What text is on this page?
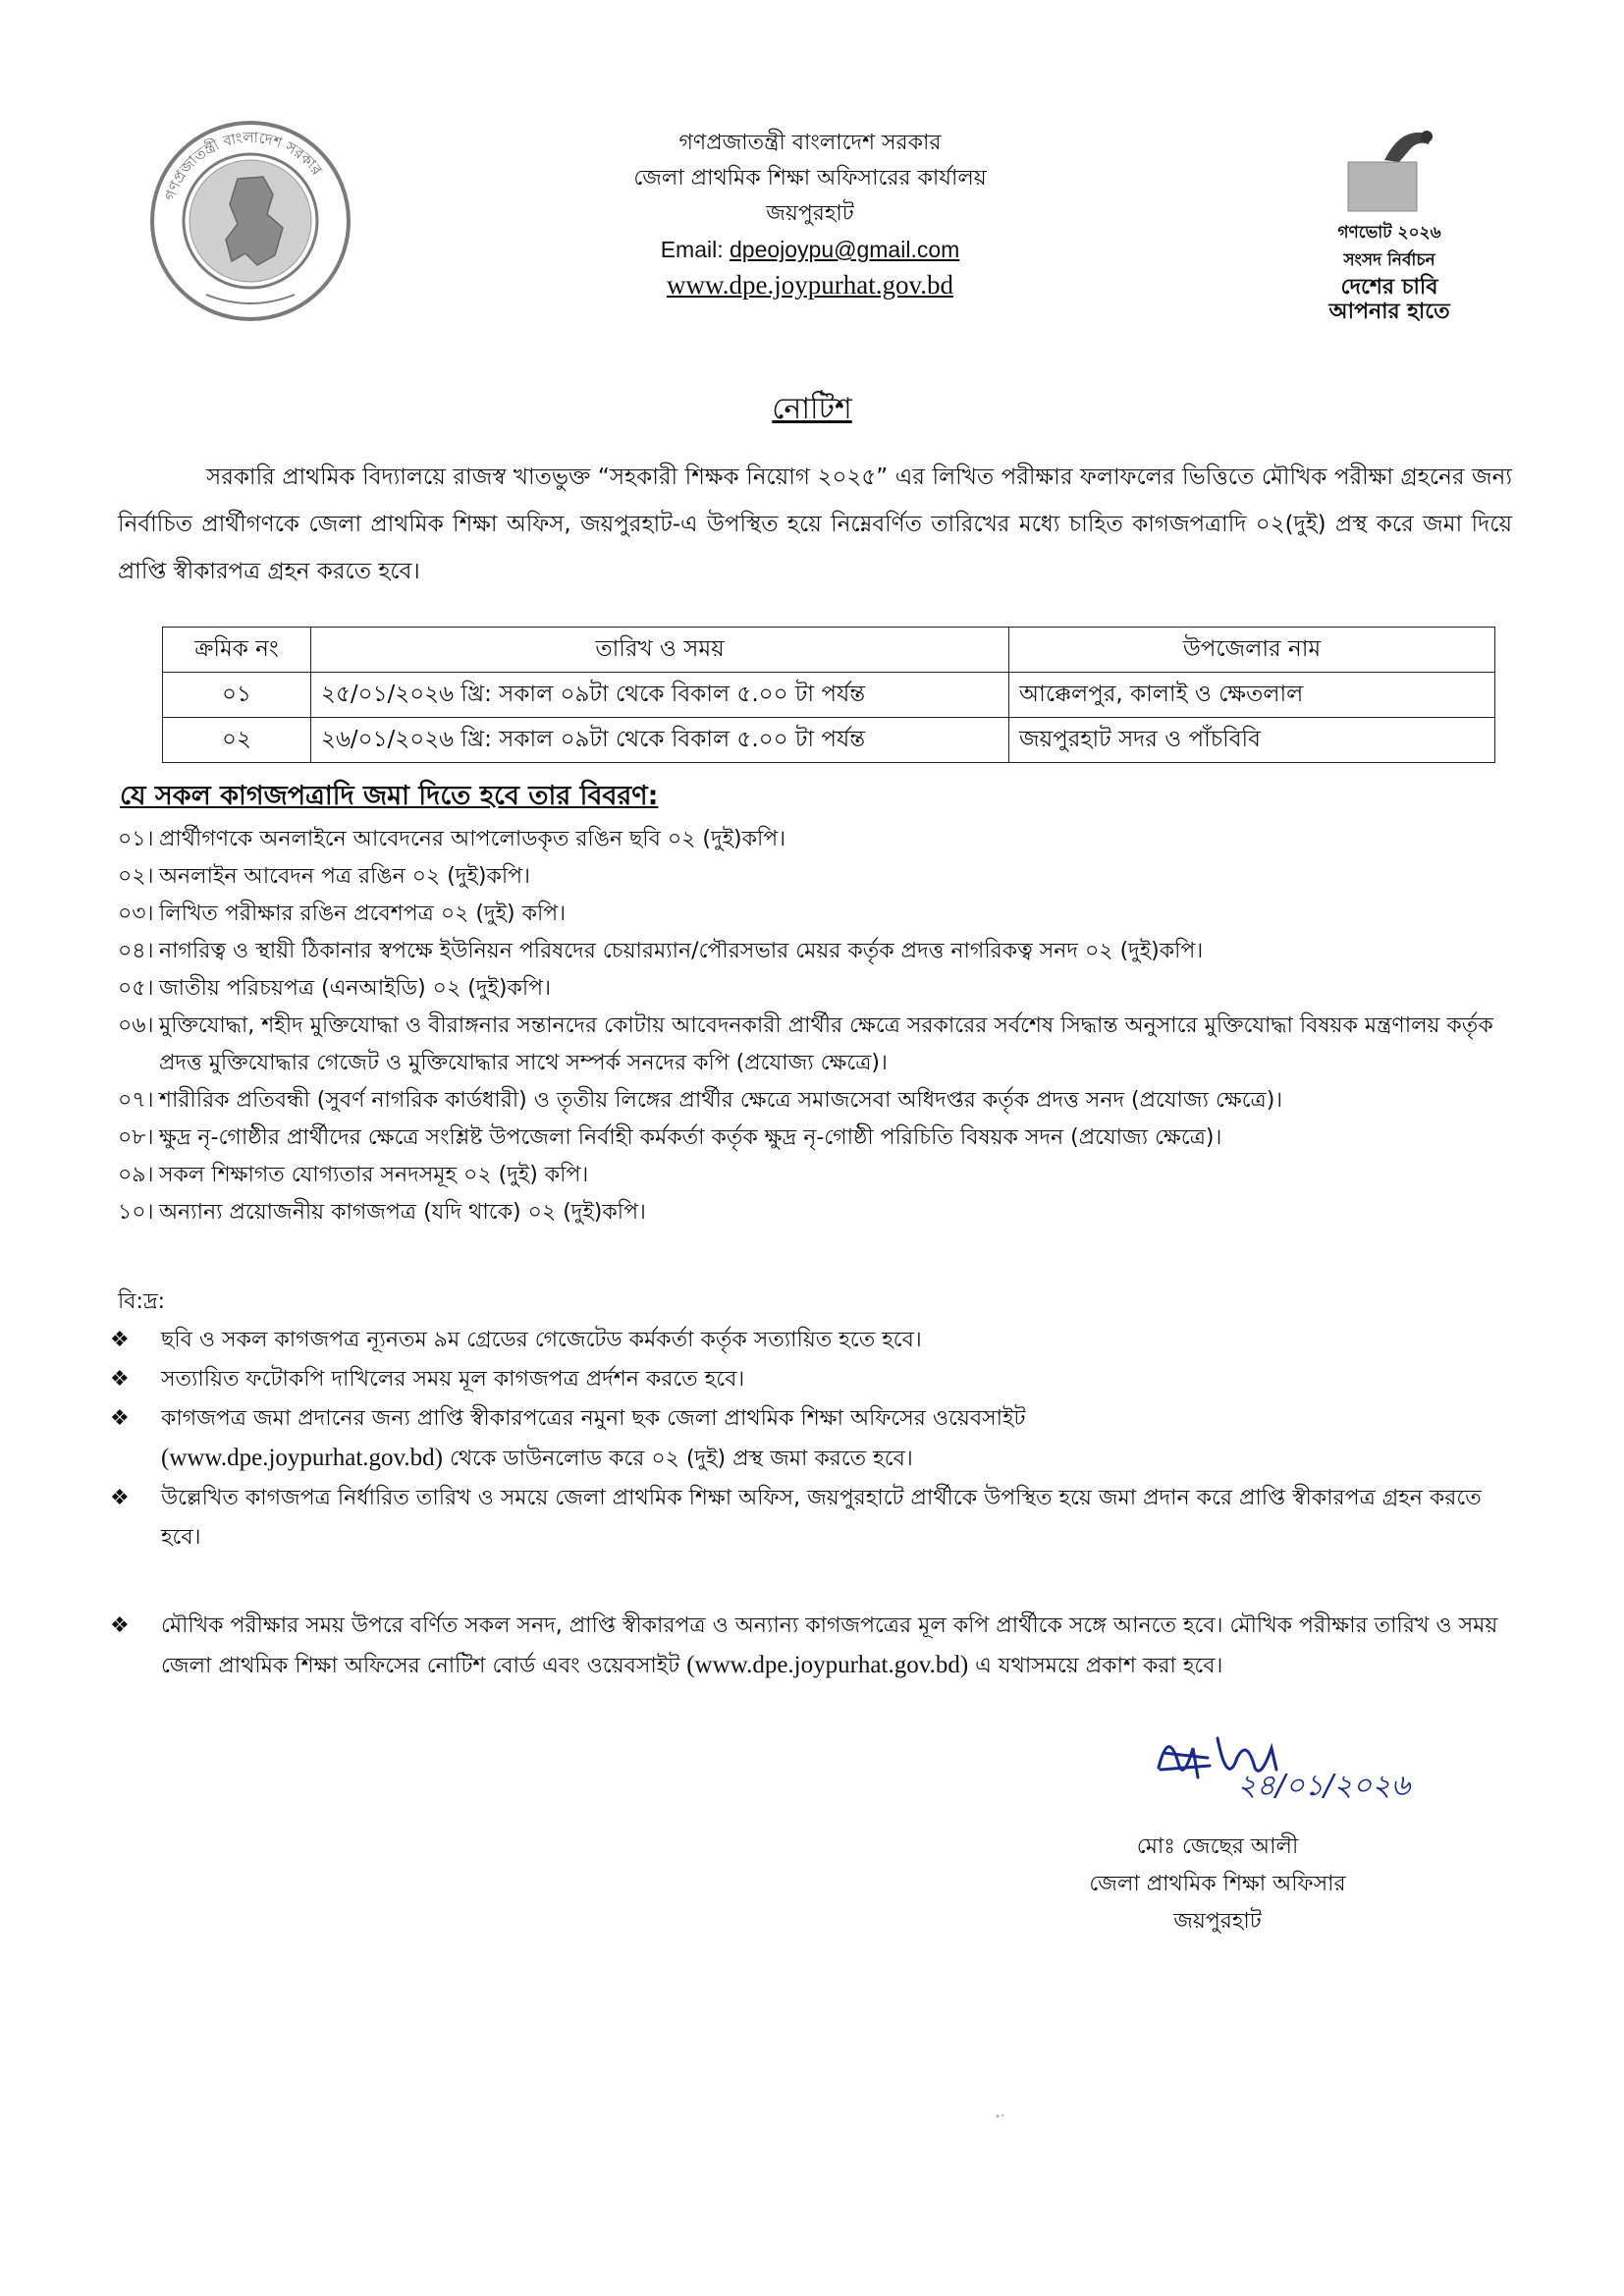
গণপ্রজাতন্ত্রী বাংলাদেশ সরকার
গণপ্রজাতন্ত্রী বাংলাদেশ সরকার
জেলা প্রাথমিক শিক্ষা অফিসারের কার্যালয়
জয়পুরহাট
Email: dpeojoypu@gmail.com
www.dpe.joypurhat.gov.bd
গণভোট ২০২৬
সংসদ নির্বাচন
দেশের চাবি
আপনার হাতে
নোটিশ
সরকারি প্রাথমিক বিদ্যালয়ে রাজস্ব খাতভুক্ত “সহকারী শিক্ষক নিয়োগ ২০২৫” এর লিখিত পরীক্ষার ফলাফলের ভিত্তিতে মৌখিক পরীক্ষা গ্রহনের জন্য নির্বাচিত প্রার্থীগণকে জেলা প্রাথমিক শিক্ষা অফিস, জয়পুরহাট-এ উপস্থিত হয়ে নিম্নেবর্ণিত তারিখের মধ্যে চাহিত কাগজপত্রাদি ০২(দুই) প্রস্থ করে জমা দিয়ে প্রাপ্তি স্বীকারপত্র গ্রহন করতে হবে।
ক্রমিক নং	তারিখ ও সময়	উপজেলার নাম
০১	২৫/০১/২০২৬ খ্রি: সকাল ০৯টা থেকে বিকাল ৫.০০ টা পর্যন্ত	আক্কেলপুর, কালাই ও ক্ষেতলাল
০২	২৬/০১/২০২৬ খ্রি: সকাল ০৯টা থেকে বিকাল ৫.০০ টা পর্যন্ত	জয়পুরহাট সদর ও পাঁচবিবি
যে সকল কাগজপত্রাদি জমা দিতে হবে তার বিবরণ:
০১। প্রার্থীগণকে অনলাইনে আবেদনের আপলোডকৃত রঙিন ছবি ০২ (দুই)কপি।
০২। অনলাইন আবেদন পত্র রঙিন ০২ (দুই)কপি।
০৩। লিখিত পরীক্ষার রঙিন প্রবেশপত্র ০২ (দুই) কপি।
০৪। নাগরিত্ব ও স্থায়ী ঠিকানার স্বপক্ষে ইউনিয়ন পরিষদের চেয়ারম্যান/পৌরসভার মেয়র কর্তৃক প্রদত্ত নাগরিকত্ব সনদ ০২ (দুই)কপি।
০৫। জাতীয় পরিচয়পত্র (এনআইডি) ০২ (দুই)কপি।
০৬। মুক্তিযোদ্ধা, শহীদ মুক্তিযোদ্ধা ও বীরাঙ্গনার সন্তানদের কোটায় আবেদনকারী প্রার্থীর ক্ষেত্রে সরকারের সর্বশেষ সিদ্ধান্ত অনুসারে মুক্তিযোদ্ধা বিষয়ক মন্ত্রণালয় কর্তৃক প্রদত্ত মুক্তিযোদ্ধার গেজেট ও মুক্তিযোদ্ধার সাথে সম্পর্ক সনদের কপি (প্রযোজ্য ক্ষেত্রে)।
০৭। শারীরিক প্রতিবন্ধী (সুবর্ণ নাগরিক কার্ডধারী) ও তৃতীয় লিঙ্গের প্রার্থীর ক্ষেত্রে সমাজসেবা অধিদপ্তর কর্তৃক প্রদত্ত সনদ (প্রযোজ্য ক্ষেত্রে)।
০৮। ক্ষুদ্র নৃ-গোষ্ঠীর প্রার্থীদের ক্ষেত্রে সংশ্লিষ্ট উপজেলা নির্বাহী কর্মকর্তা কর্তৃক ক্ষুদ্র নৃ-গোষ্ঠী পরিচিতি বিষয়ক সদন (প্রযোজ্য ক্ষেত্রে)।
০৯। সকল শিক্ষাগত যোগ্যতার সনদসমূহ ০২ (দুই) কপি।
১০। অন্যান্য প্রয়োজনীয় কাগজপত্র (যদি থাকে) ০২ (দুই)কপি।
বি:দ্র:
❖	ছবি ও সকল কাগজপত্র ন্যূনতম ৯ম গ্রেডের গেজেটেড কর্মকর্তা কর্তৃক সত্যায়িত হতে হবে।
❖	সত্যায়িত ফটোকপি দাখিলের সময় মূল কাগজপত্র প্রর্দশন করতে হবে।
❖	কাগজপত্র জমা প্রদানের জন্য প্রাপ্তি স্বীকারপত্রের নমুনা ছক জেলা প্রাথমিক শিক্ষা অফিসের ওয়েবসাইট
(www.dpe.joypurhat.gov.bd) থেকে ডাউনলোড করে ০২ (দুই) প্রস্থ জমা করতে হবে।
❖	উল্লেখিত কাগজপত্র নির্ধারিত তারিখ ও সময়ে জেলা প্রাথমিক শিক্ষা অফিস, জয়পুরহাটে প্রার্থীকে উপস্থিত হয়ে জমা প্রদান করে প্রাপ্তি স্বীকারপত্র গ্রহন করতে হবে।
❖	মৌখিক পরীক্ষার সময় উপরে বর্ণিত সকল সনদ, প্রাপ্তি স্বীকারপত্র ও অন্যান্য কাগজপত্রের মূল কপি প্রার্থীকে সঙ্গে আনতে হবে। মৌখিক পরীক্ষার তারিখ ও সময় জেলা প্রাথমিক শিক্ষা অফিসের নোটিশ বোর্ড এবং ওয়েবসাইট (www.dpe.joypurhat.gov.bd) এ যথাসময়ে প্রকাশ করা হবে।
২৪/০১/২০২৬
মোঃ জেছের আলী
জেলা প্রাথমিক শিক্ষা অফিসার
জয়পুরহাট
